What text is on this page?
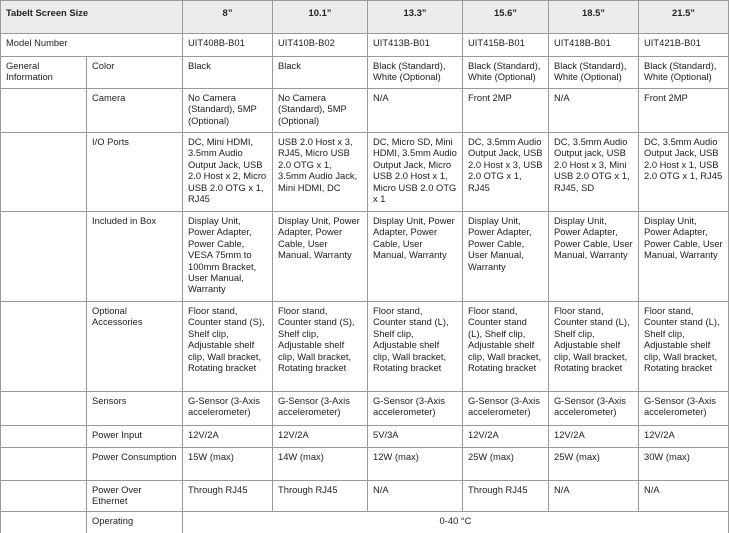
Tabelt Screen Size		8”	10.1”	13.3”	15.6”	18.5”	21.5”
Model Number		UIT408B-B01	UIT410B-B02	UIT413B-B01	UIT415B-B01	UIT418B-B01	UIT421B-B01
General Information	Color	Black	Black	Black (Standard), White (Optional)	Black (Standard), White (Optional)	Black (Standard), White (Optional)	Black (Standard), White (Optional)
	Camera	No Camera (Standard), 5MP (Optional)	No Camera (Standard), 5MP (Optional)	N/A	Front 2MP	N/A	Front 2MP
	I/O Ports	DC, Mini HDMI, 3.5mm Audio Output Jack, USB 2.0 Host x 2, Micro USB 2.0 OTG x 1, RJ45	USB 2.0 Host x 3, RJ45, Micro USB 2.0 OTG x 1, 3.5mm Audio Jack, Mini HDMI, DC	DC, Micro SD, Mini HDMI, 3.5mm Audio Output Jack, Micro USB 2.0 Host x 1, Micro USB 2.0 OTG x 1	DC, 3.5mm Audio Output Jack, USB 2.0 Host x 3, USB 2.0 OTG x 1, RJ45	DC, 3.5mm Audio Output jack, USB 2.0 Host x 3, Mini USB 2.0 OTG x 1, RJ45, SD	DC, 3.5mm Audio Output Jack, USB 2.0 Host x 1, USB 2.0 OTG x 1, RJ45
	Included in Box	Display Unit, Power Adapter, Power Cable, VESA 75mm to 100mm Bracket, User Manual, Warranty	Display Unit, Power Adapter, Power Cable, User Manual, Warranty	Display Unit, Power Adapter, Power Cable, User Manual, Warranty	Display Unit, Power Adapter, Power Cable, User Manual, Warranty	Display Unit, Power Adapter, Power Cable, User Manual, Warranty	Display Unit, Power Adapter, Power Cable, User Manual, Warranty
	Optional Accessories	Floor stand, Counter stand (S), Shelf clip, Adjustable shelf clip, Wall bracket, Rotating bracket	Floor stand, Counter stand (S), Shelf clip, Adjustable shelf clip, Wall bracket, Rotating bracket	Floor stand, Counter stand (L), Shelf clip, Adjustable shelf clip, Wall bracket, Rotating bracket	Floor stand, Counter stand (L), Shelf clip, Adjustable shelf clip, Wall bracket, Rotating bracket	Floor stand, Counter stand (L), Shelf clip, Adjustable shelf clip, Wall bracket, Rotating bracket	Floor stand, Counter stand (L), Shelf clip, Adjustable shelf clip, Wall bracket, Rotating bracket
	Sensors	G-Sensor (3-Axis accelerometer)	G-Sensor (3-Axis accelerometer)	G-Sensor (3-Axis accelerometer)	G-Sensor (3-Axis accelerometer)	G-Sensor (3-Axis accelerometer)	G-Sensor (3-Axis accelerometer)
	Power Input	12V/2A	12V/2A	5V/3A	12V/2A	12V/2A	12V/2A
	Power Consumption	15W (max)	14W (max)	12W (max)	25W (max)	25W (max)	30W (max)
	Power Over Ethernet	Through RJ45	Through RJ45	N/A	Through RJ45	N/A	N/A
	Operating	0-40 °C					
